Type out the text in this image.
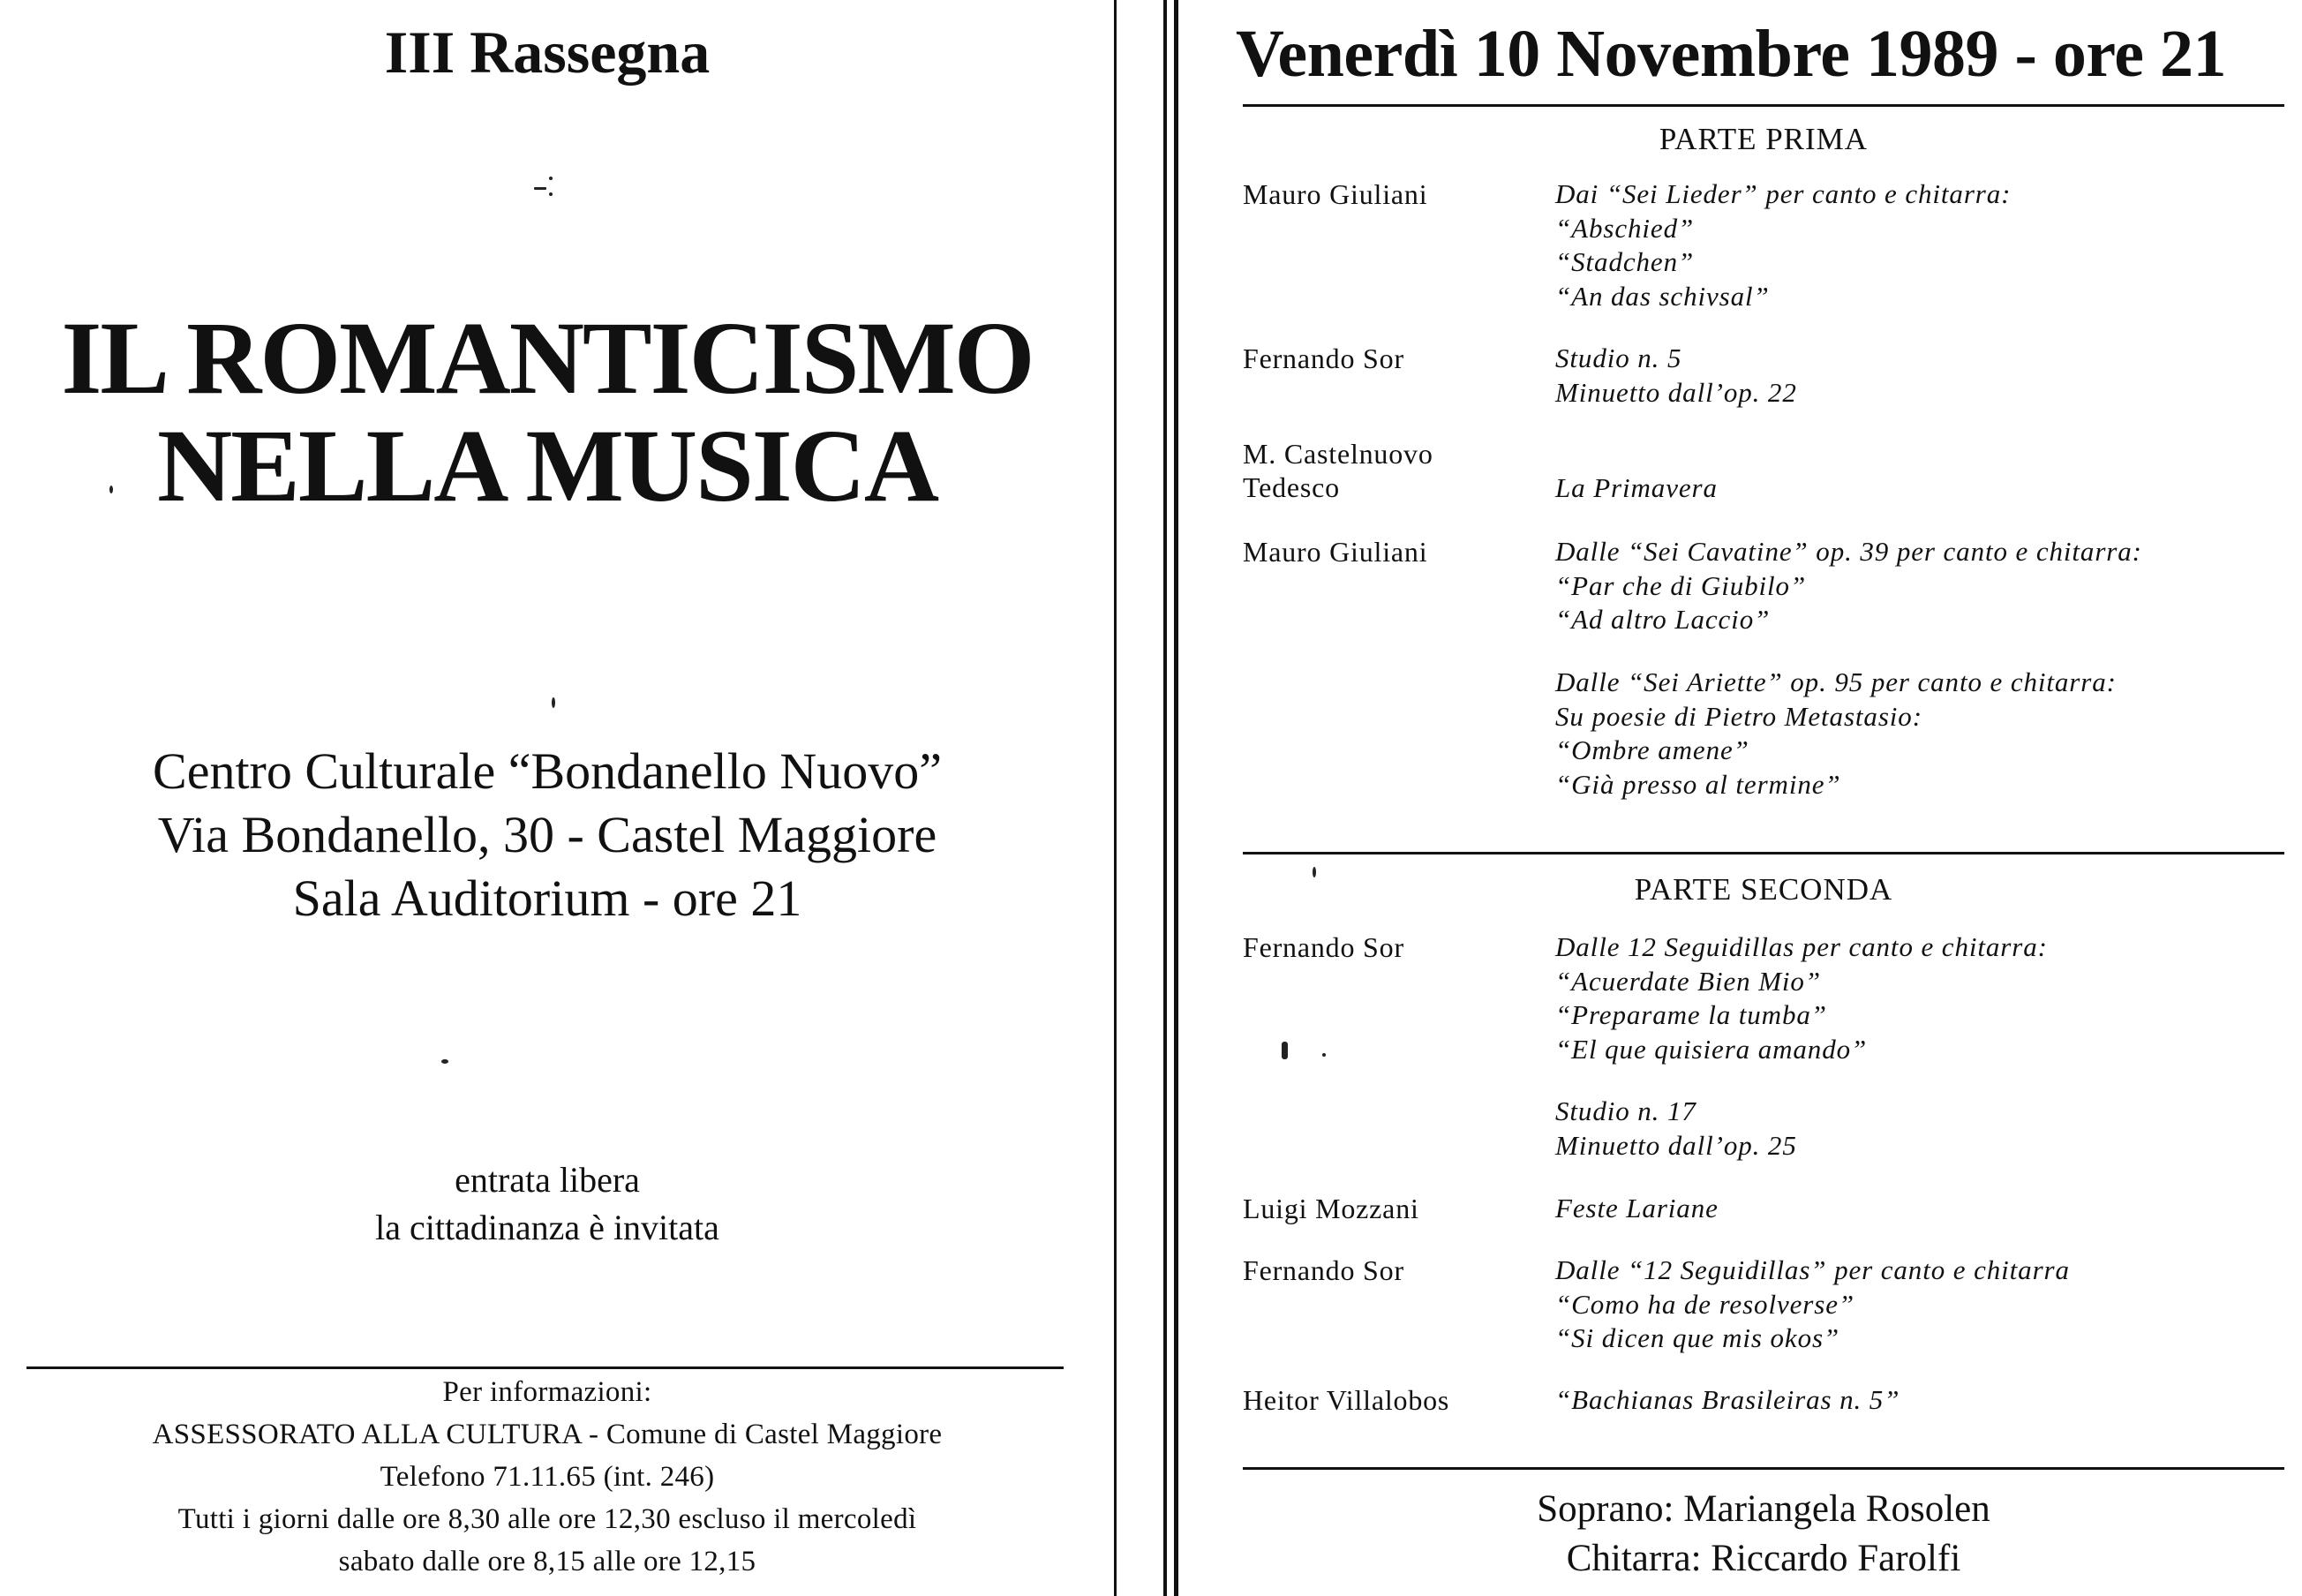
III Rassegna
IL ROMANTICISMO
NELLA MUSICA
Centro Culturale “Bondanello Nuovo”
Via Bondanello, 30 - Castel Maggiore
Sala Auditorium - ore 21
entrata libera
la cittadinanza è invitata
Per informazioni:
ASSESSORATO ALLA CULTURA - Comune di Castel Maggiore
Telefono 71.11.65 (int. 246)
Tutti i giorni dalle ore 8,30 alle ore 12,30 escluso il mercoledì
sabato dalle ore 8,15 alle ore 12,15
Venerdì 10 Novembre 1989 - ore 21
PARTE PRIMA
Mauro Giuliani	Dai “Sei Lieder” per canto e chitarra:
“Abschied”
“Stadchen”
“An das schivsal”
Fernando Sor	Studio n. 5
Minuetto dall’op. 22
M. Castelnuovo
Tedesco	La Primavera
Mauro Giuliani	Dalle “Sei Cavatine” op. 39 per canto e chitarra:
“Par che di Giubilo”
“Ad altro Laccio”
Dalle “Sei Ariette” op. 95 per canto e chitarra:
Su poesie di Pietro Metastasio:
“Ombre amene”
“Già presso al termine”
PARTE SECONDA
Fernando Sor	Dalle 12 Seguidillas per canto e chitarra:
“Acuerdate Bien Mio”
“Preparame la tumba”
“El que quisiera amando”
Studio n. 17
Minuetto dall’op. 25
Luigi Mozzani	Feste Lariane
Fernando Sor	Dalle “12 Seguidillas” per canto e chitarra
“Como ha de resolverse”
“Si dicen que mis okos”
Heitor Villalobos	“Bachianas Brasileiras n. 5”
Soprano: Mariangela Rosolen
Chitarra: Riccardo Farolfi
